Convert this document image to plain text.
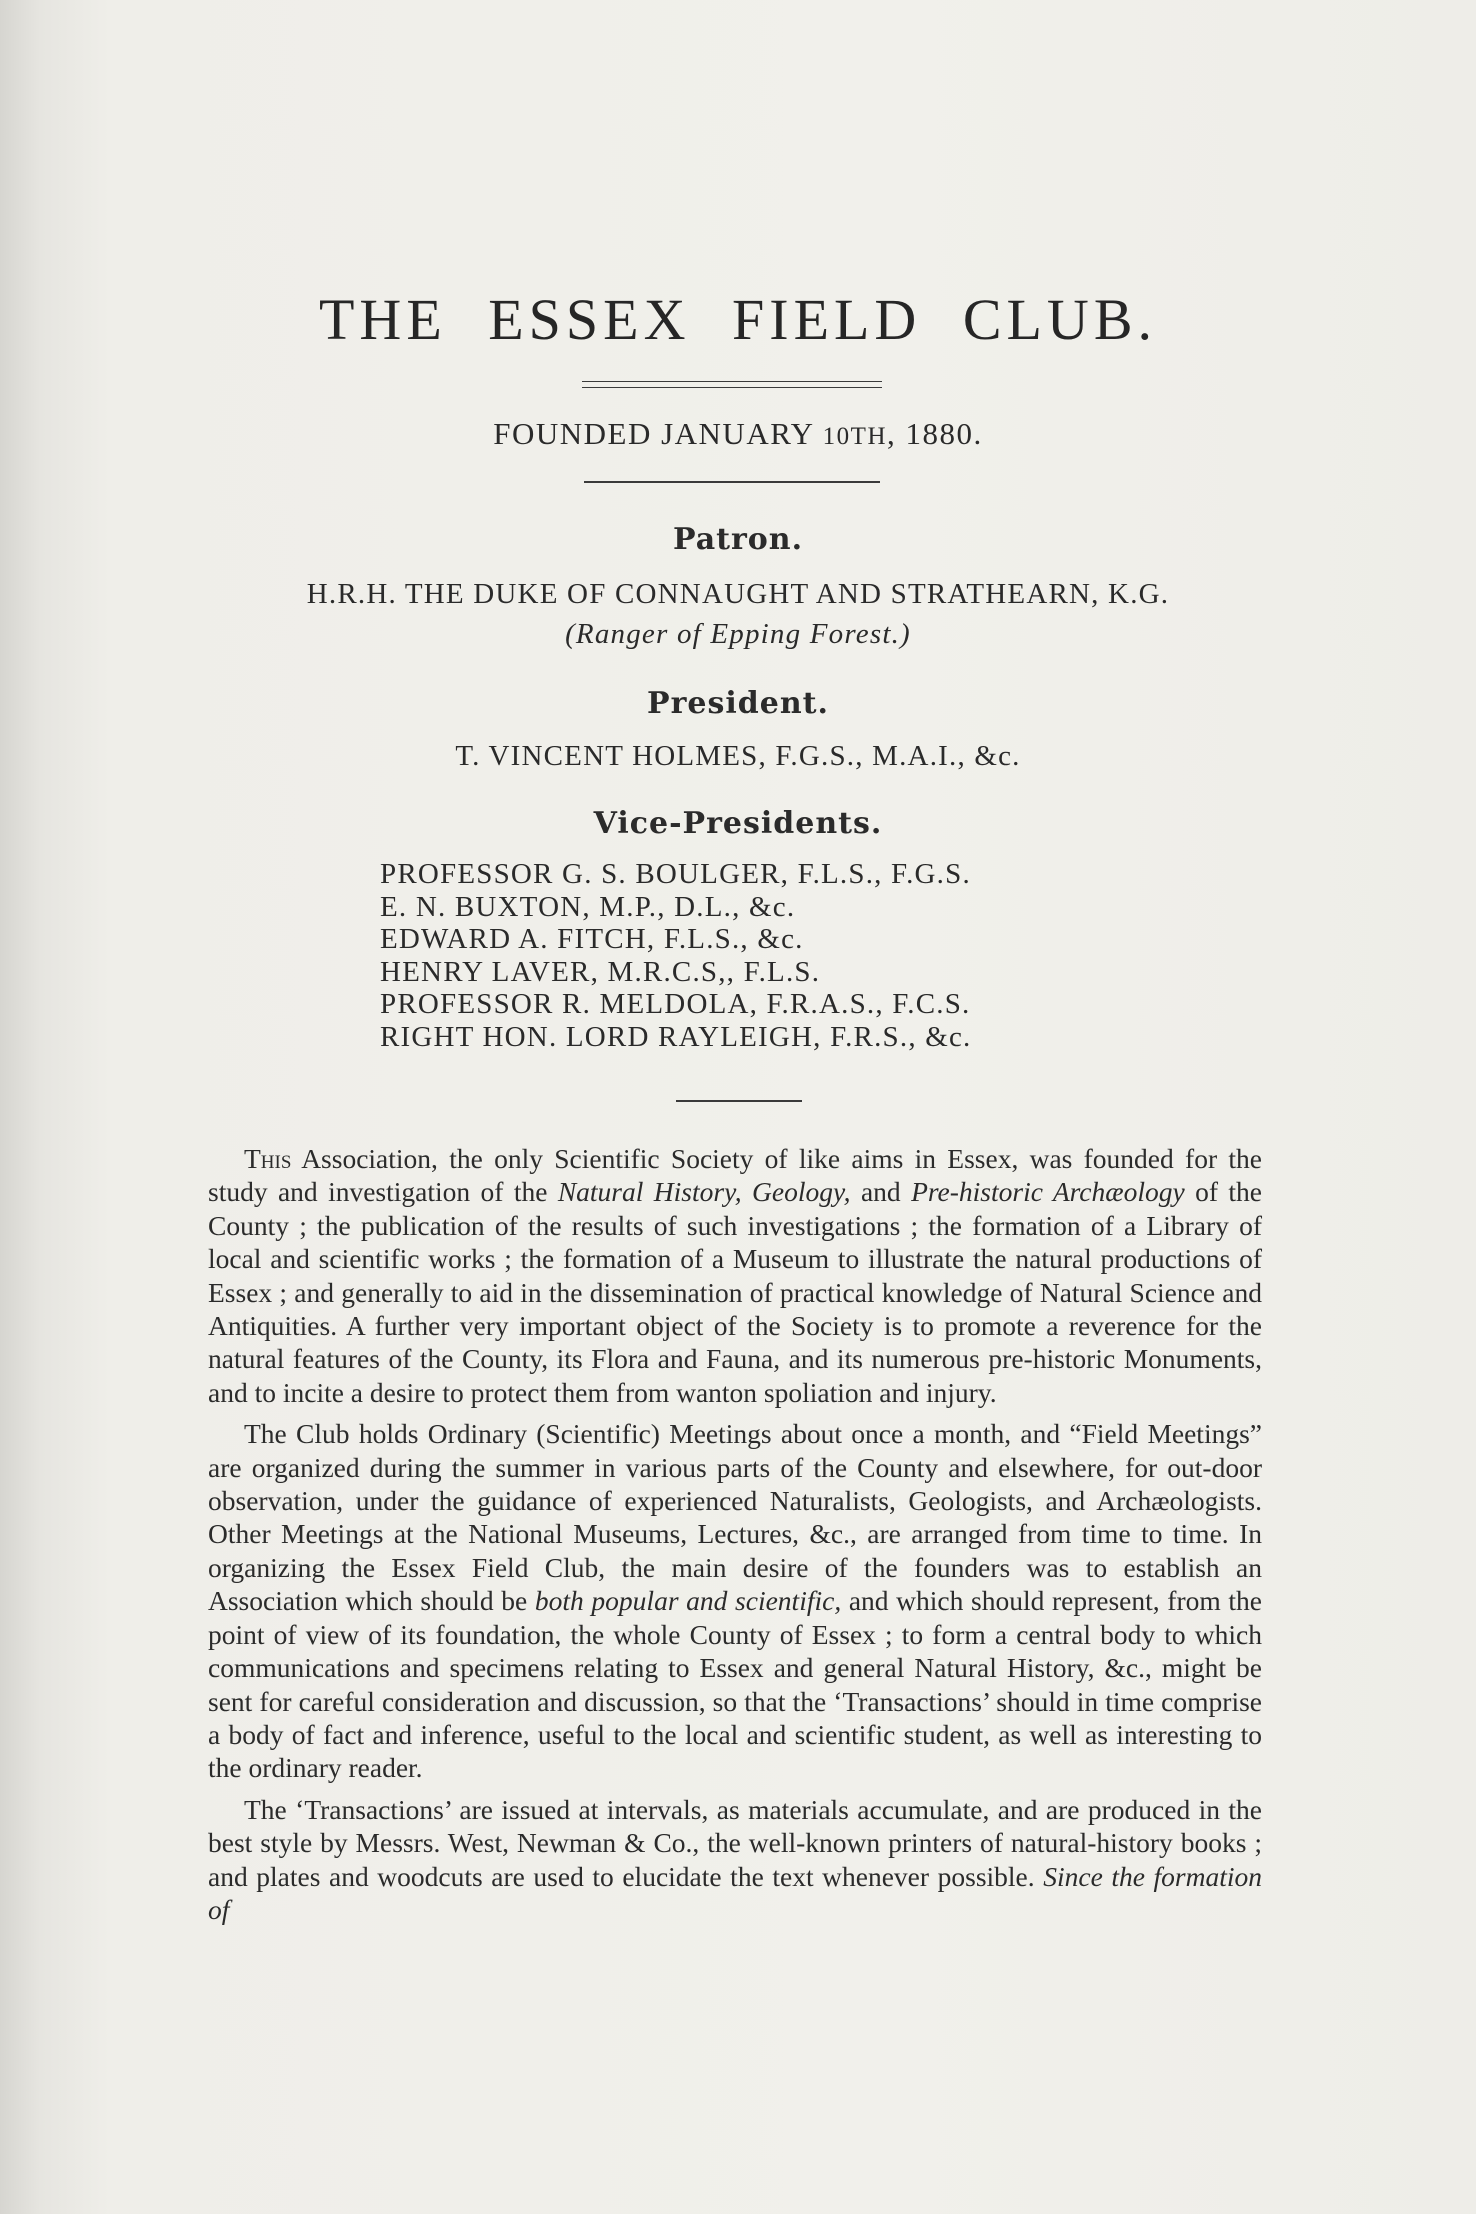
THE ESSEX FIELD CLUB.
FOUNDED JANUARY 10TH, 1880.
Patron.
H.R.H. THE DUKE OF CONNAUGHT AND STRATHEARN, K.G.
(Ranger of Epping Forest.)
President.
T. VINCENT HOLMES, F.G.S., M.A.I., &c.
Vice-Presidents.
PROFESSOR G. S. BOULGER, F.L.S., F.G.S.
E. N. BUXTON, M.P., D.L., &c.
EDWARD A. FITCH, F.L.S., &c.
HENRY LAVER, M.R.C.S,, F.L.S.
PROFESSOR R. MELDOLA, F.R.A.S., F.C.S.
RIGHT HON. LORD RAYLEIGH, F.R.S., &c.

This Association, the only Scientific Society of like aims in Essex, was founded for the study and investigation of the Natural History, Geology, and Pre-historic Archæology of the County ; the publication of the results of such investigations ; the formation of a Library of local and scientific works ; the formation of a Museum to illustrate the natural productions of Essex ; and generally to aid in the dissemination of practical knowledge of Natural Science and Antiquities. A further very important object of the Society is to promote a reverence for the natural features of the County, its Flora and Fauna, and its numerous pre-historic Monuments, and to incite a desire to protect them from wanton spoliation and injury.

The Club holds Ordinary (Scientific) Meetings about once a month, and “Field Meetings” are organized during the summer in various parts of the County and elsewhere, for out-door observation, under the guidance of experienced Naturalists, Geologists, and Archæologists. Other Meetings at the National Museums, Lectures, &c., are arranged from time to time. In organizing the Essex Field Club, the main desire of the founders was to establish an Association which should be both popular and scientific, and which should represent, from the point of view of its foundation, the whole County of Essex ; to form a central body to which communications and specimens relating to Essex and general Natural History, &c., might be sent for careful consideration and discussion, so that the ‘Transactions’ should in time comprise a body of fact and inference, useful to the local and scientific student, as well as interesting to the ordinary reader.

The ‘Transactions’ are issued at intervals, as materials accumulate, and are produced in the best style by Messrs. West, Newman & Co., the well-known printers of natural-history books ; and plates and woodcuts are used to elucidate the text whenever possible. Since the formation of
